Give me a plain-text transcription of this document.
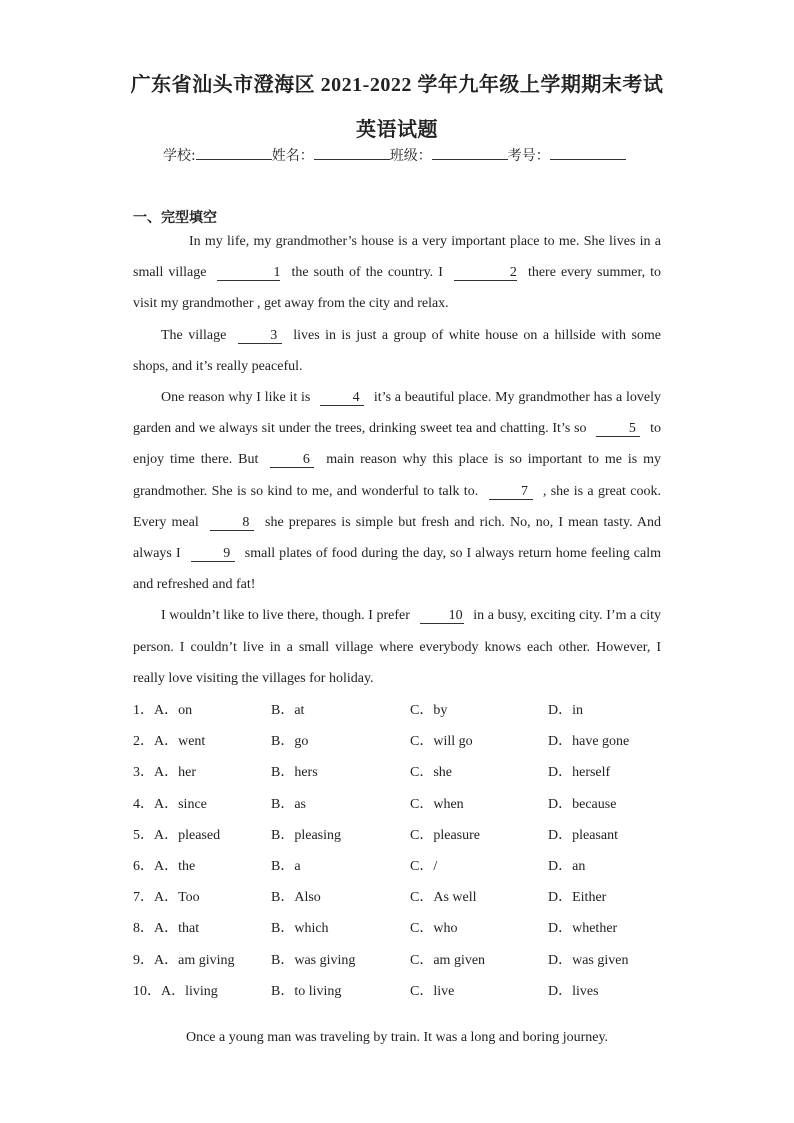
广东省汕头市澄海区 2021-2022 学年九年级上学期期末考试
英语试题
学校:	姓名：	班级：	考号：
一、完型填空

In my life, my grandmother’s house is a very important place to me. She lives in a small village	1 the south of the country. I	2 there every summer, to visit my grandmother , get away from the city and relax.

The village	3 lives in is just a group of white house on a hillside with some shops, and it’s really peaceful.

One reason why I like it is	4 it’s a beautiful place. My grandmother has a lovely garden and we always sit under the trees, drinking sweet tea and chatting. It’s so	5 to enjoy time there. But	6 main reason why this place is so important to me is my grandmother. She is so kind to me, and wonderful to talk to.	7 , she is a great cook. Every meal	8 she prepares is simple but fresh and rich. No, no, I mean tasty. And always I	9 small plates of food during the day, so I always return home feeling calm and refreshed and fat!

I wouldn’t like to live there, though. I prefer	10 in a busy, exciting city. I’m a city person. I couldn’t live in a small village where everybody knows each other. However, I really love visiting the villages for holiday.

1．A．on	B．at	C．by	D．in
2．A．went	B．go	C．will go	D．have gone
3．A．her	B．hers	C．she	D．herself
4．A．since	B．as	C．when	D．because
5．A．pleased	B．pleasing	C．pleasure	D．pleasant
6．A．the	B．a	C．/	D．an
7．A．Too	B．Also	C．As well	D．Either
8．A．that	B．which	C．who	D．whether
9．A．am giving	B．was giving	C．am given	D．was given
10．A．living	B．to living	C．live	D．lives
Once a young man was traveling by train. It was a long and boring journey.
